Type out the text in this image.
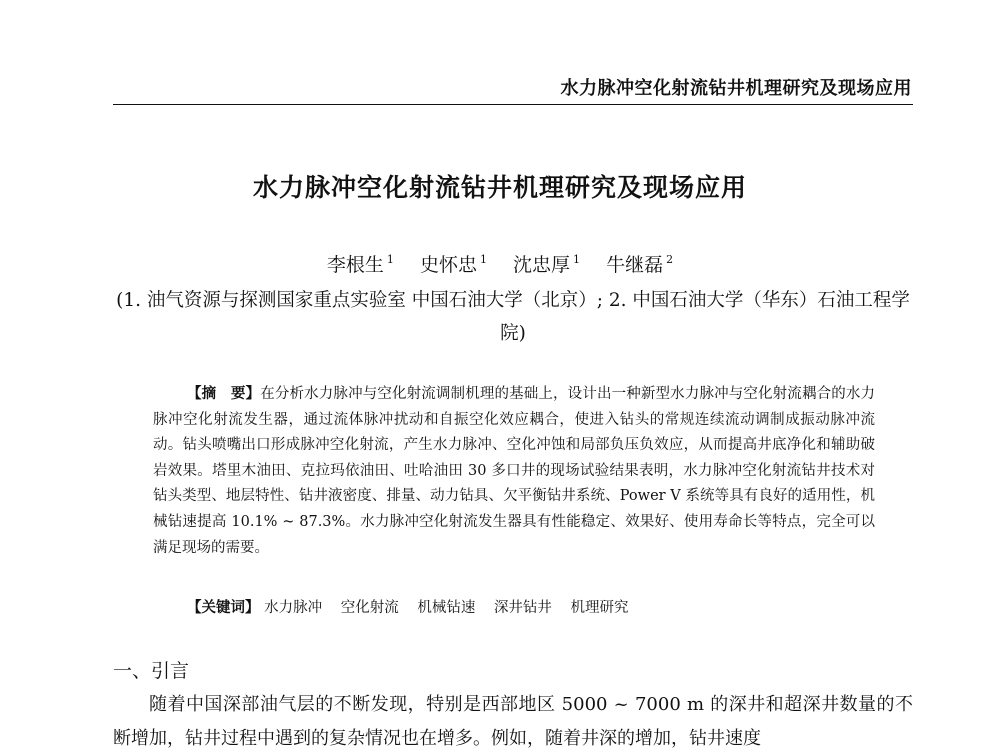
水力脉冲空化射流钻井机理研究及现场应用
水力脉冲空化射流钻井机理研究及现场应用
李根生 $^1$ 史怀忠 $^1$ 沈忠厚 $^1$ 牛继磊 $^2$
(1. 油气资源与探测国家重点实验室 中国石油大学（北京）; 2. 中国石油大学（华东）石油工程学院)
【摘　要】在分析水力脉冲与空化射流调制机理的基础上，设计出一种新型水力脉冲与空化射流耦合的水力脉冲空化射流发生器，通过流体脉冲扰动和自振空化效应耦合，使进入钻头的常规连续流动调制成振动脉冲流动。钻头喷嘴出口形成脉冲空化射流，产生水力脉冲、空化冲蚀和局部负压负效应，从而提高井底净化和辅助破岩效果。塔里木油田、克拉玛依油田、吐哈油田 30 多口井的现场试验结果表明，水力脉冲空化射流钻井技术对钻头类型、地层特性、钻井液密度、排量、动力钻具、欠平衡钻井系统、Power V 系统等具有良好的适用性，机械钻速提高 10.1% ~ 87.3%。水力脉冲空化射流发生器具有性能稳定、效果好、使用寿命长等特点，完全可以满足现场的需要。
【关键词】 水力脉冲 空化射流 机械钻速 深井钻井 机理研究
一、引言
随着中国深部油气层的不断发现，特别是西部地区 5000 ~ 7000 m 的深井和超深井数量的不断增加，钻井过程中遇到的复杂情况也在增多。例如，随着井深的增加，钻井速度
